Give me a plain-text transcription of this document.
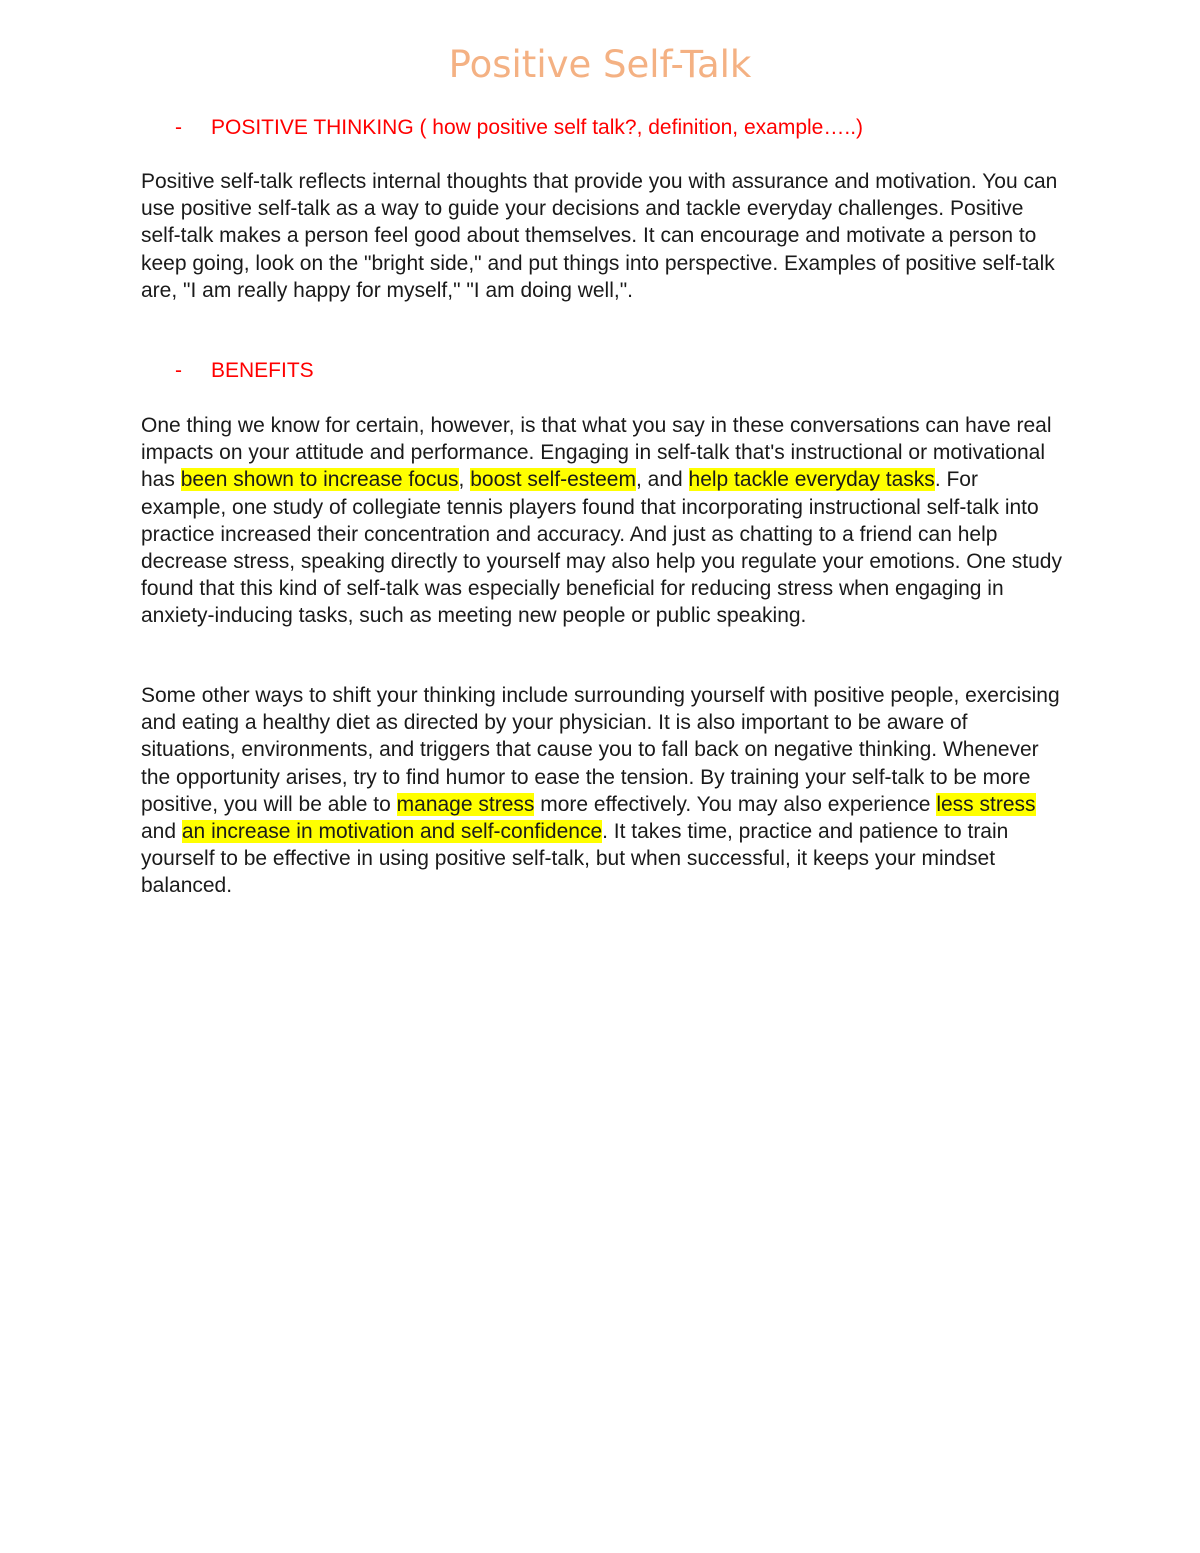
Positive Self-Talk
- POSITIVE THINKING ( how positive self talk?, definition, example…..)

Positive self-talk reflects internal thoughts that provide you with assurance and motivation. You can use positive self-talk as a way to guide your decisions and tackle everyday challenges. Positive self-talk makes a person feel good about themselves. It can encourage and motivate a person to keep going, look on the "bright side," and put things into perspective. Examples of positive self-talk are, "I am really happy for myself," "I am doing well,".

- BENEFITS

One thing we know for certain, however, is that what you say in these conversations can have real impacts on your attitude and performance. Engaging in self-talk that's instructional or motivational has been shown to increase focus, boost self-esteem, and help tackle everyday tasks. For example, one study of collegiate tennis players found that incorporating instructional self-talk into practice increased their concentration and accuracy. And just as chatting to a friend can help decrease stress, speaking directly to yourself may also help you regulate your emotions. One study found that this kind of self-talk was especially beneficial for reducing stress when engaging in anxiety-inducing tasks, such as meeting new people or public speaking.

Some other ways to shift your thinking include surrounding yourself with positive people, exercising and eating a healthy diet as directed by your physician. It is also important to be aware of situations, environments, and triggers that cause you to fall back on negative thinking. Whenever the opportunity arises, try to find humor to ease the tension. By training your self-talk to be more positive, you will be able to manage stress more effectively. You may also experience less stress and an increase in motivation and self-confidence. It takes time, practice and patience to train yourself to be effective in using positive self-talk, but when successful, it keeps your mindset balanced.
